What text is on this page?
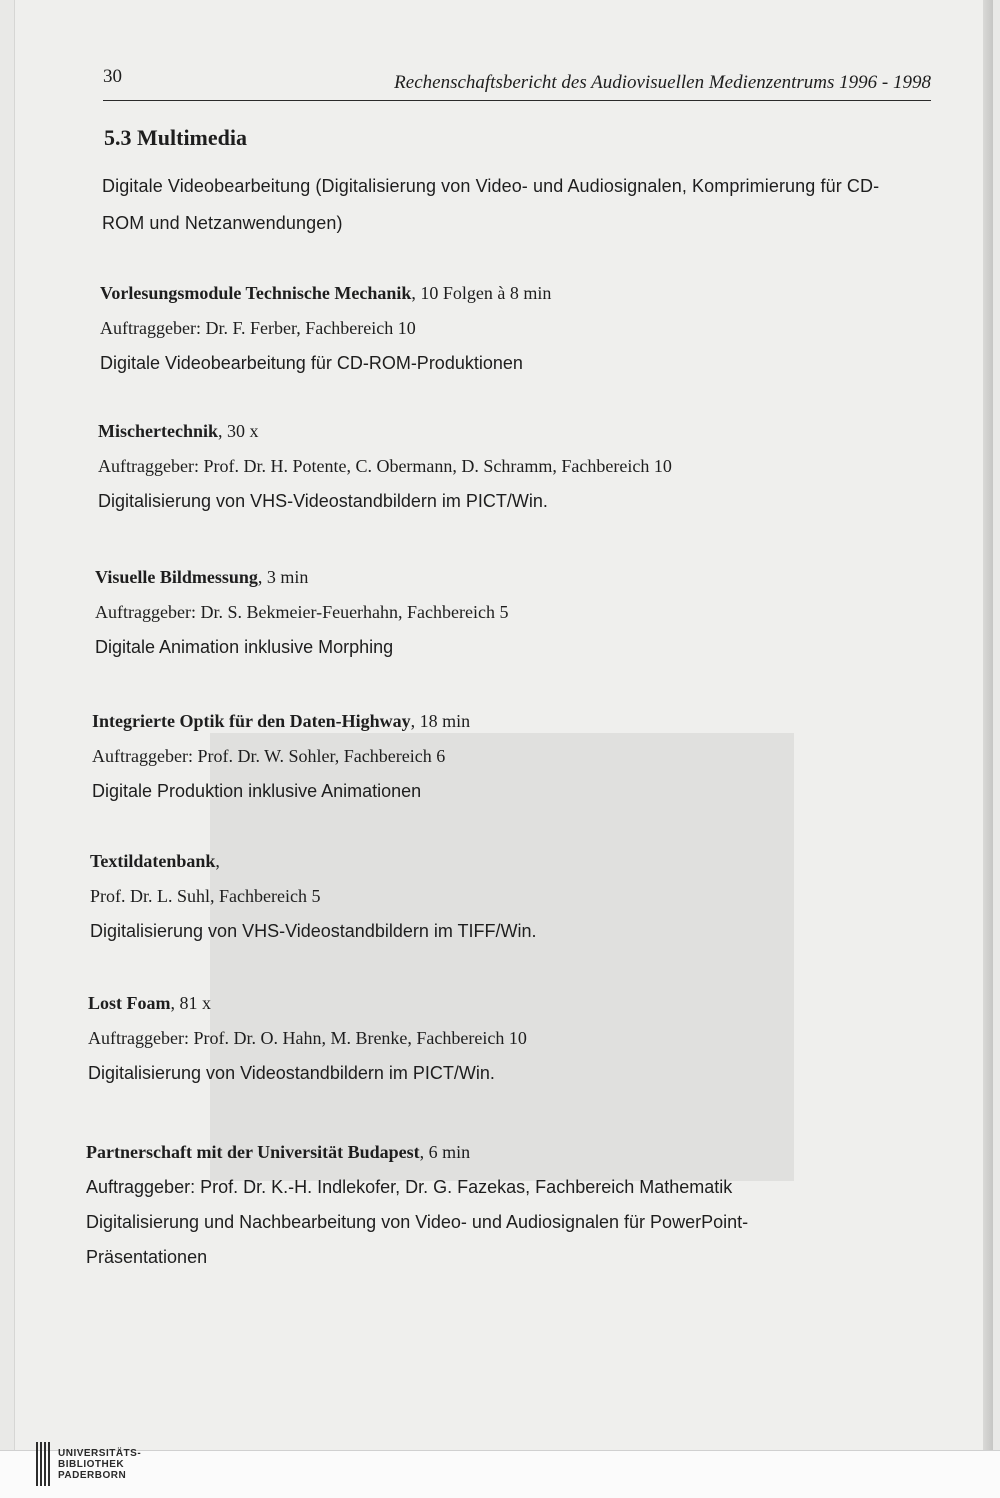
30	Rechenschaftsbericht des Audiovisuellen Medienzentrums 1996 - 1998
5.3 Multimedia
Digitale Videobearbeitung (Digitalisierung von Video- und Audiosignalen, Komprimierung für CD-ROM und Netzanwendungen)
Vorlesungsmodule Technische Mechanik, 10 Folgen à 8 min
Auftraggeber: Dr. F. Ferber, Fachbereich 10
Digitale Videobearbeitung für CD-ROM-Produktionen
Mischertechnik, 30 x
Auftraggeber: Prof. Dr. H. Potente, C. Obermann, D. Schramm, Fachbereich 10
Digitalisierung von VHS-Videostandbildern im PICT/Win.
Visuelle Bildmessung, 3 min
Auftraggeber: Dr. S. Bekmeier-Feuerhahn, Fachbereich 5
Digitale Animation inklusive Morphing
Integrierte Optik für den Daten-Highway, 18 min
Auftraggeber: Prof. Dr. W. Sohler, Fachbereich 6
Digitale Produktion inklusive Animationen
Textildatenbank,
Prof. Dr. L. Suhl, Fachbereich 5
Digitalisierung von VHS-Videostandbildern im TIFF/Win.
Lost Foam, 81 x
Auftraggeber: Prof. Dr. O. Hahn, M. Brenke, Fachbereich 10
Digitalisierung von Videostandbildern im PICT/Win.
Partnerschaft mit der Universität Budapest, 6 min
Auftraggeber: Prof. Dr. K.-H. Indlekofer, Dr. G. Fazekas, Fachbereich Mathematik
Digitalisierung und Nachbearbeitung von Video- und Audiosignalen für PowerPoint-
Präsentationen
UNIVERSITÄTS-
BIBLIOTHEK
PADERBORN
